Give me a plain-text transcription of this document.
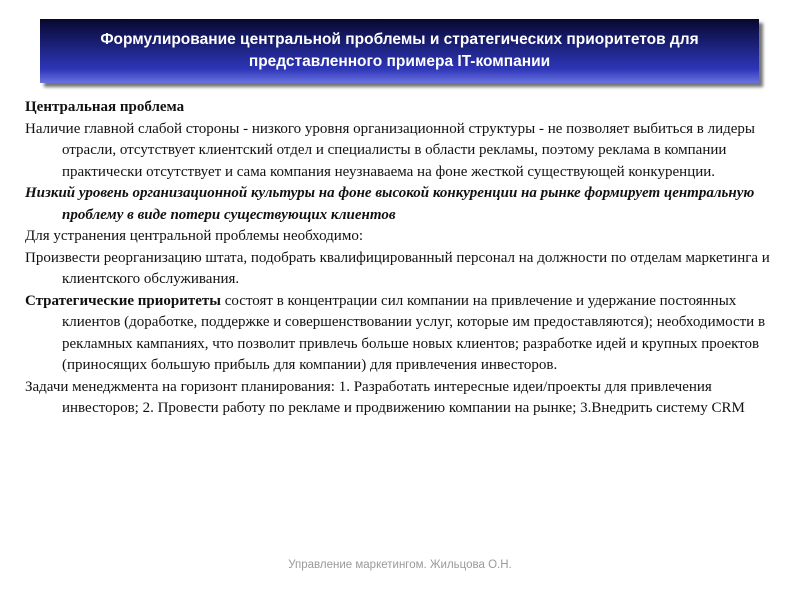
Формулирование центральной проблемы и стратегических приоритетов для представленного примера IT-компании

Центральная проблема

Наличие главной слабой стороны - низкого уровня организационной структуры - не позволяет выбиться в лидеры отрасли, отсутствует клиентский отдел и специалисты в области рекламы, поэтому реклама в компании практически отсутствует и сама компания неузнаваема на фоне жесткой существующей конкуренции.

Низкий уровень организационной культуры на фоне высокой конкуренции на рынке формирует центральную проблему в виде потери существующих клиентов

Для устранения центральной проблемы необходимо:

Произвести реорганизацию штата, подобрать квалифицированный персонал на должности по отделам маркетинга и клиентского обслуживания.

Стратегические приоритеты состоят в концентрации сил компании на привлечение и удержание постоянных клиентов (доработке, поддержке и совершенствовании услуг, которые им предоставляются); необходимости в рекламных кампаниях, что позволит привлечь больше новых клиентов; разработке идей и крупных проектов (приносящих большую прибыль для компании) для привлечения инвесторов.

Задачи менеджмента на горизонт планирования: 1. Разработать интересные идеи/проекты для привлечения инвесторов; 2. Провести работу по рекламе и продвижению компании на рынке; 3.Внедрить систему CRM

Управление маркетингом. Жильцова О.Н.
